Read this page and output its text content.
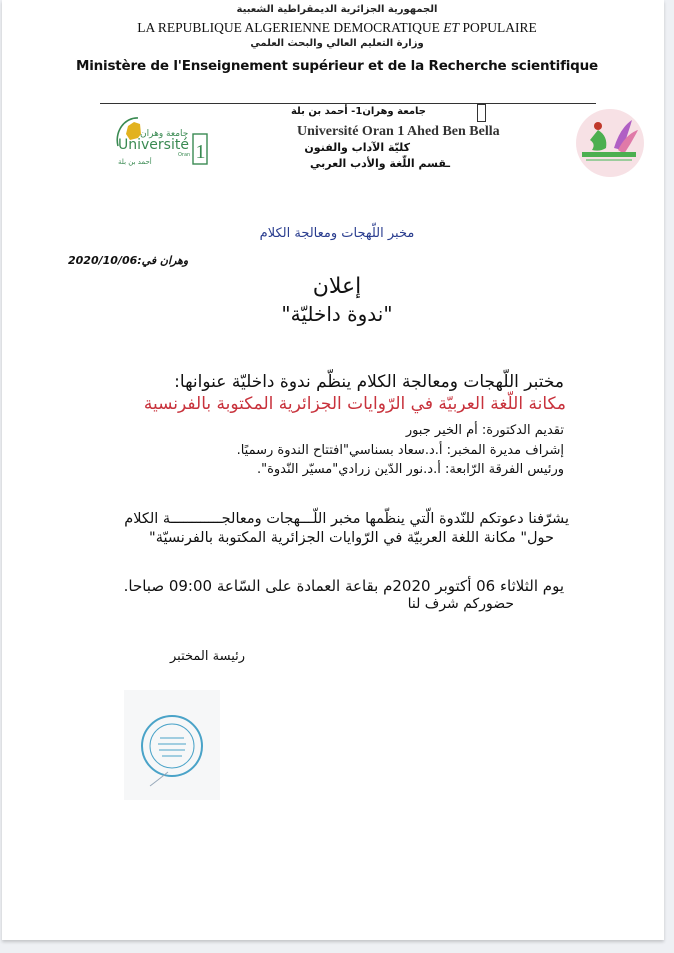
الجمهورية الجزائرية الديمقراطية الشعبية
LA REPUBLIQUE ALGERIENNE DEMOCRATIQUE ET POPULAIRE
وزارة التعليم العالي والبحث العلمي
Ministère de l'Enseignement supérieur et de la Recherche scientifique
جامعة وهران
Université
Oran
أحمد بن بلة 1
جامعة وهران1- أحمد بن بلة
Université Oran 1 Ahed Ben Bella
كليّة الآداب والفنون
ـقسم اللّغة والأدب العربي
مخبر اللّهجات ومعالجة الكلام
2020/10/06:وهران في
إعلان
"ندوة داخليّة"
مختبر اللّهجات ومعالجة الكلام ينظّم ندوة داخليّة عنوانها:
مكانة اللّغة العربيّة في الرّوايات الجزائرية المكتوبة بالفرنسية
تقديم الدكتورة: أم الخير جبور
إشراف مديرة المخبر: أ.د.سعاد بسناسي"افتتاح الندوة رسميًا.
ورئيس الفرقة الرّابعة: أ.د.نور الدّين زرادي"مسيّر النّدوة".
يشرّفنا دعوتكم للنّدوة الّتي ينظّمها مخبر اللّـــهجات ومعالجــــــــــــة الكلام
حول" مكانة اللغة العربيّة في الرّوايات الجزائرية المكتوبة بالفرنسيّة"
يوم الثلاثاء 06 أكتوبر 2020م بقاعة العمادة على السّاعة 09:00 صباحا.
حضوركم شرف لنا
رئيسة المختبر
